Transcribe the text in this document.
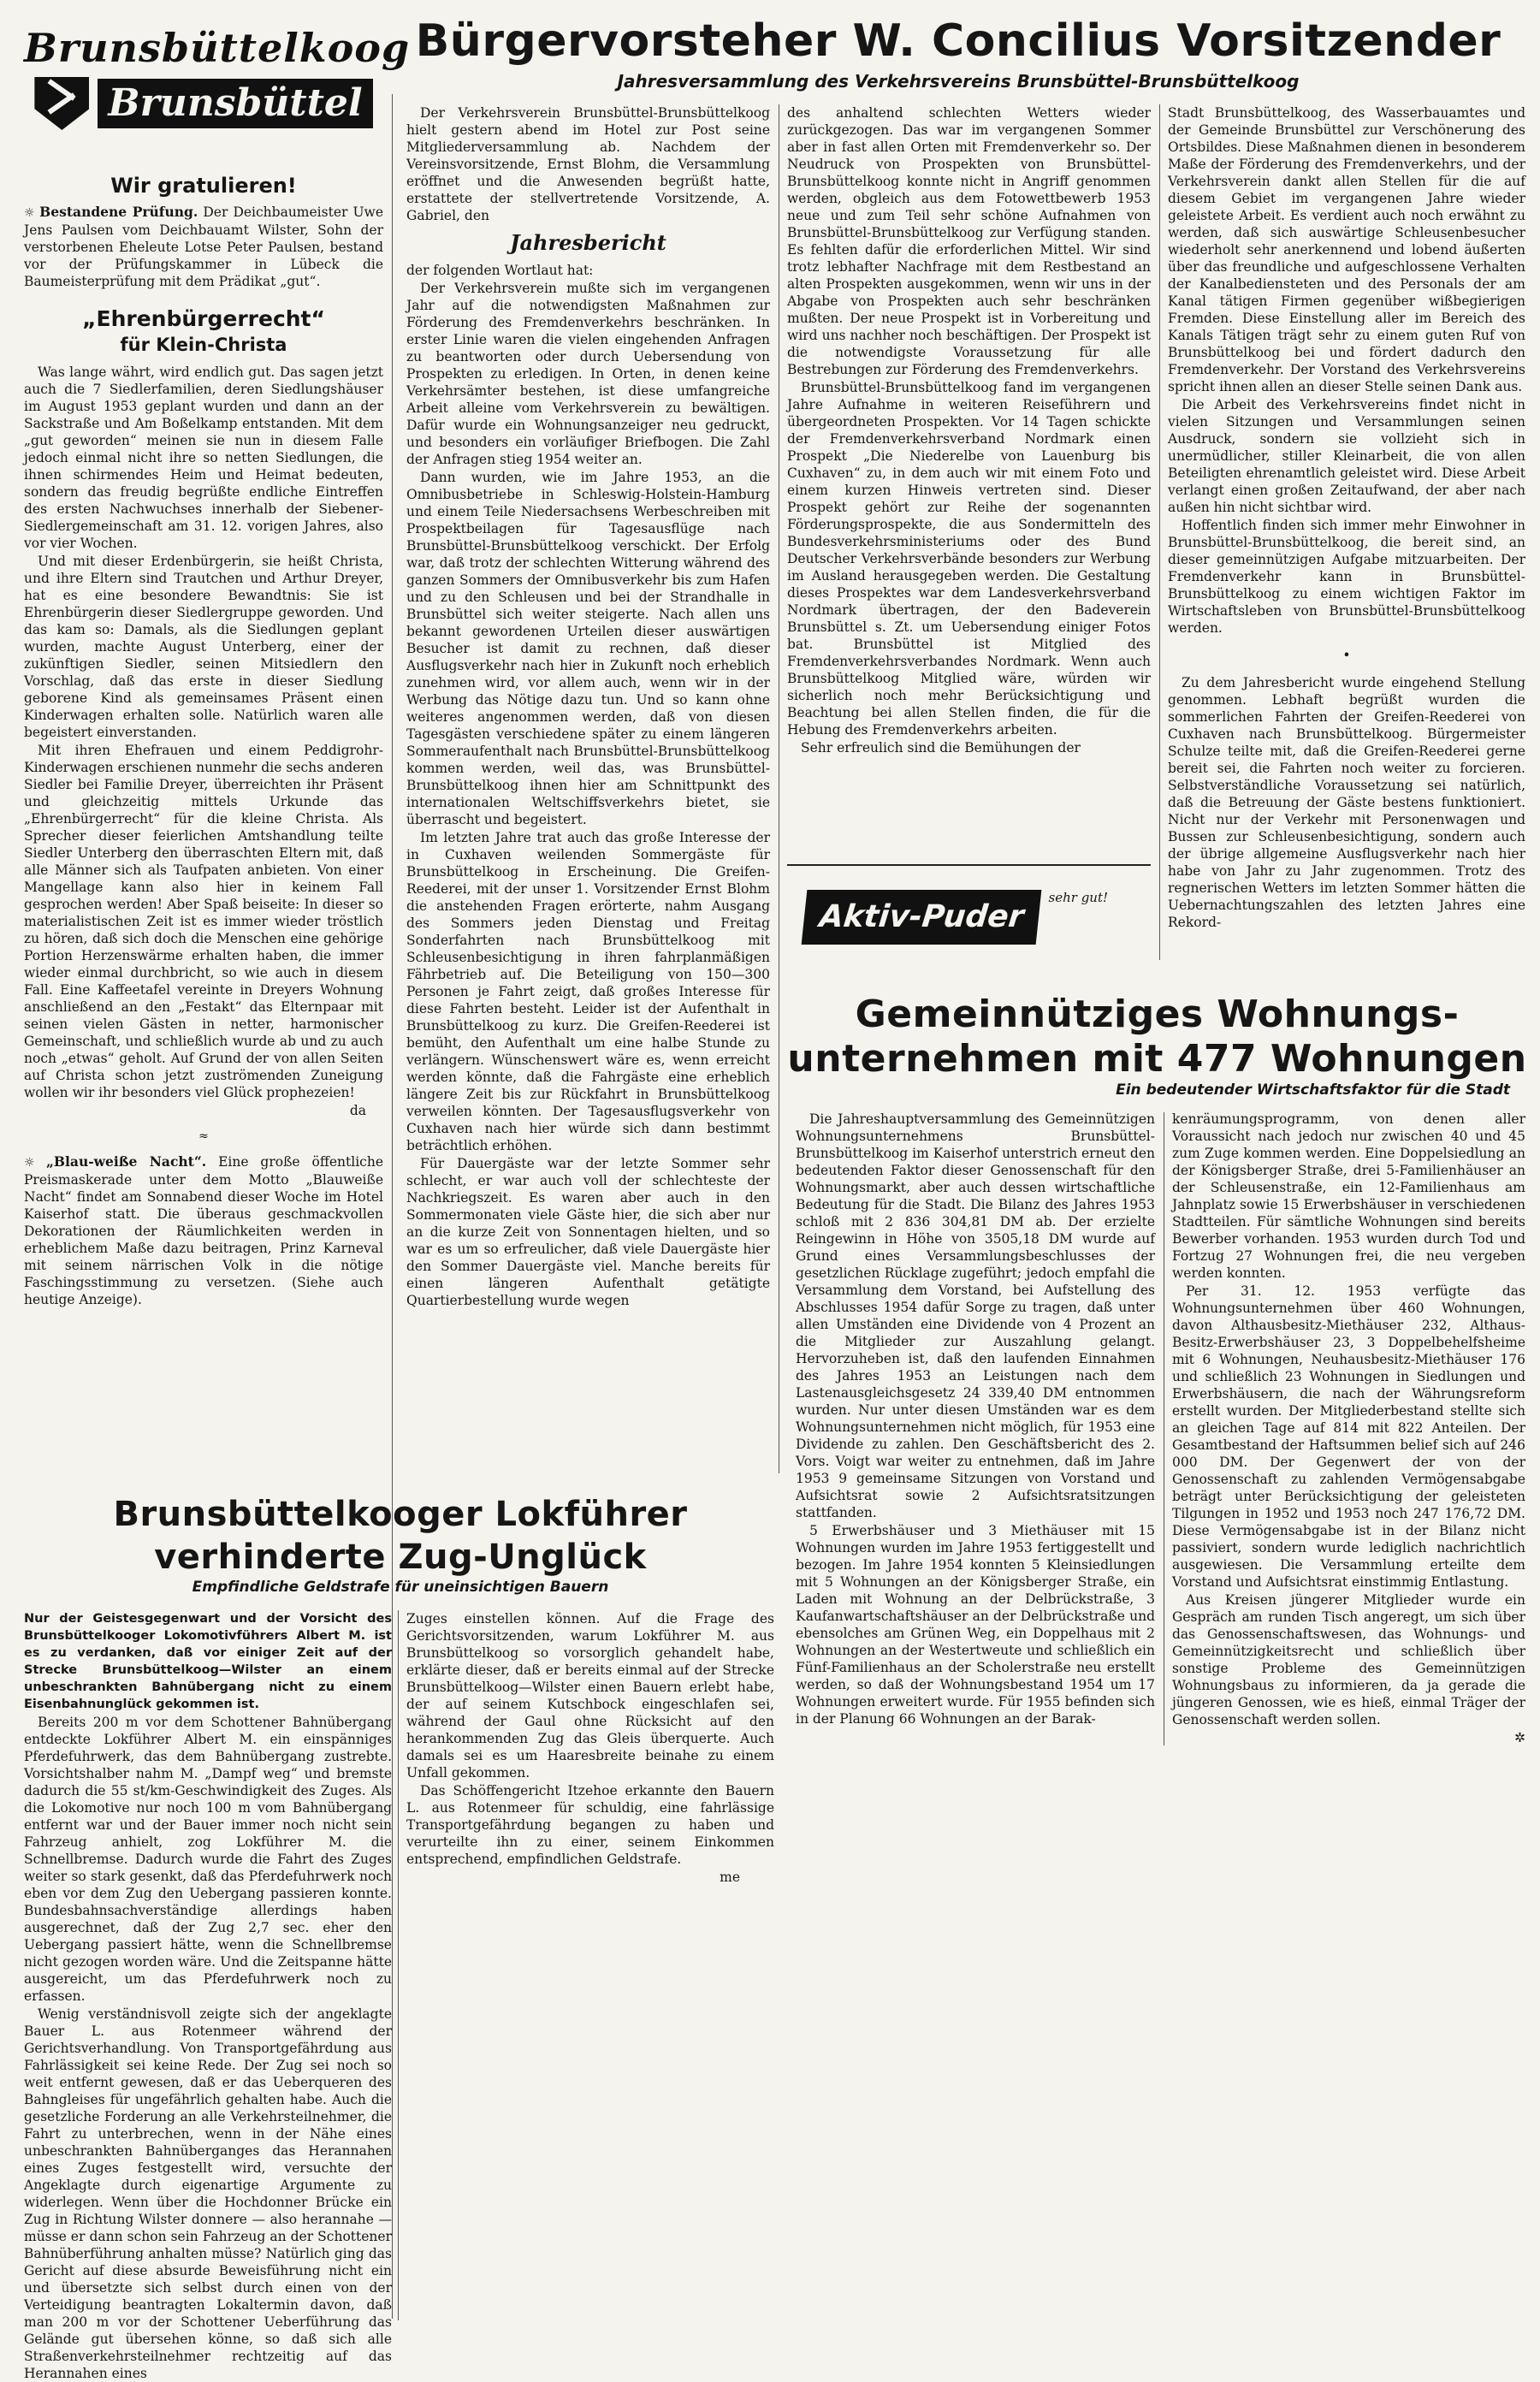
Brunsbüttelkoog
Brunsbüttel
Bürgervorsteher W. Concilius Vorsitzender
Jahresversammlung des Verkehrsvereins Brunsbüttel-Brunsbüttelkoog
Wir gratulieren!

☼ Bestandene Prüfung. Der Deichbaumeister Uwe Jens Paulsen vom Deichbauamt Wilster, Sohn der verstorbenen Eheleute Lotse Peter Paulsen, bestand vor der Prüfungskammer in Lübeck die Baumeisterprüfung mit dem Prädikat „gut“.

„Ehrenbürgerrecht“
für Klein-Christa

Was lange währt, wird endlich gut. Das sagen jetzt auch die 7 Siedlerfamilien, deren Siedlungshäuser im August 1953 geplant wurden und dann an der Sackstraße und Am Boßelkamp entstanden. Mit dem „gut geworden“ meinen sie nun in diesem Falle jedoch einmal nicht ihre so netten Siedlungen, die ihnen schirmendes Heim und Heimat bedeuten, sondern das freudig begrüßte endliche Eintreffen des ersten Nachwuchses innerhalb der Siebener-Siedlergemeinschaft am 31. 12. vorigen Jahres, also vor vier Wochen.

Und mit dieser Erdenbürgerin, sie heißt Christa, und ihre Eltern sind Trautchen und Arthur Dreyer, hat es eine besondere Bewandtnis: Sie ist Ehrenbürgerin dieser Siedlergruppe geworden. Und das kam so: Damals, als die Siedlungen geplant wurden, machte August Unterberg, einer der zukünftigen Siedler, seinen Mitsiedlern den Vorschlag, daß das erste in dieser Siedlung geborene Kind als gemeinsames Präsent einen Kinderwagen erhalten solle. Natürlich waren alle begeistert einverstanden.

Mit ihren Ehefrauen und einem Peddigrohr-Kinderwagen erschienen nunmehr die sechs anderen Siedler bei Familie Dreyer, überreichten ihr Präsent und gleichzeitig mittels Urkunde das „Ehrenbürgerrecht“ für die kleine Christa. Als Sprecher dieser feierlichen Amtshandlung teilte Siedler Unterberg den überraschten Eltern mit, daß alle Männer sich als Taufpaten anbieten. Von einer Mangellage kann also hier in keinem Fall gesprochen werden! Aber Spaß beiseite: In dieser so materialistischen Zeit ist es immer wieder tröstlich zu hören, daß sich doch die Menschen eine gehörige Portion Herzenswärme erhalten haben, die immer wieder einmal durchbricht, so wie auch in diesem Fall. Eine Kaffeetafel vereinte in Dreyers Wohnung anschließend an den „Festakt“ das Elternpaar mit seinen vielen Gästen in netter, harmonischer Gemeinschaft, und schließlich wurde ab und zu auch noch „etwas“ geholt. Auf Grund der von allen Seiten auf Christa schon jetzt zuströmenden Zuneigung wollen wir ihr besonders viel Glück prophezeien!

da
≈

☼ „Blau-weiße Nacht“. Eine große öffentliche Preismaskerade unter dem Motto „Blauweiße Nacht“ findet am Sonnabend dieser Woche im Hotel Kaiserhof statt. Die überaus geschmackvollen Dekorationen der Räumlichkeiten werden in erheblichem Maße dazu beitragen, Prinz Karneval mit seinem närrischen Volk in die nötige Faschingsstimmung zu versetzen. (Siehe auch heutige Anzeige).

Der Verkehrsverein Brunsbüttel-Brunsbüttelkoog hielt gestern abend im Hotel zur Post seine Mitgliederversammlung ab. Nachdem der Vereinsvorsitzende, Ernst Blohm, die Versammlung eröffnet und die Anwesenden begrüßt hatte, erstattete der stellvertretende Vorsitzende, A. Gabriel, den

Jahresbericht

der folgenden Wortlaut hat:

Der Verkehrsverein mußte sich im vergangenen Jahr auf die notwendigsten Maßnahmen zur Förderung des Fremdenverkehrs beschränken. In erster Linie waren die vielen eingehenden Anfragen zu beantworten oder durch Uebersendung von Prospekten zu erledigen. In Orten, in denen keine Verkehrsämter bestehen, ist diese umfangreiche Arbeit alleine vom Verkehrsverein zu bewältigen. Dafür wurde ein Wohnungsanzeiger neu gedruckt, und besonders ein vorläufiger Briefbogen. Die Zahl der Anfragen stieg 1954 weiter an.

Dann wurden, wie im Jahre 1953, an die Omnibusbetriebe in Schleswig-Holstein-Hamburg und einem Teile Niedersachsens Werbeschreiben mit Prospektbeilagen für Tagesausflüge nach Brunsbüttel-Brunsbüttelkoog verschickt. Der Erfolg war, daß trotz der schlechten Witterung während des ganzen Sommers der Omnibusverkehr bis zum Hafen und zu den Schleusen und bei der Strandhalle in Brunsbüttel sich weiter steigerte. Nach allen uns bekannt gewordenen Urteilen dieser auswärtigen Besucher ist damit zu rechnen, daß dieser Ausflugsverkehr nach hier in Zukunft noch erheblich zunehmen wird, vor allem auch, wenn wir in der Werbung das Nötige dazu tun. Und so kann ohne weiteres angenommen werden, daß von diesen Tagesgästen verschiedene später zu einem längeren Sommeraufenthalt nach Brunsbüttel-Brunsbüttelkoog kommen werden, weil das, was Brunsbüttel-Brunsbüttelkoog ihnen hier am Schnittpunkt des internationalen Weltschiffsverkehrs bietet, sie überrascht und begeistert.

Im letzten Jahre trat auch das große Interesse der in Cuxhaven weilenden Sommergäste für Brunsbüttelkoog in Erscheinung. Die Greifen-Reederei, mit der unser 1. Vorsitzender Ernst Blohm die anstehenden Fragen erörterte, nahm Ausgang des Sommers jeden Dienstag und Freitag Sonderfahrten nach Brunsbüttelkoog mit Schleusenbesichtigung in ihren fahrplanmäßigen Fährbetrieb auf. Die Beteiligung von 150—300 Personen je Fahrt zeigt, daß großes Interesse für diese Fahrten besteht. Leider ist der Aufenthalt in Brunsbüttelkoog zu kurz. Die Greifen-Reederei ist bemüht, den Aufenthalt um eine halbe Stunde zu verlängern. Wünschenswert wäre es, wenn erreicht werden könnte, daß die Fahrgäste eine erheblich längere Zeit bis zur Rückfahrt in Brunsbüttelkoog verweilen könnten. Der Tagesausflugsverkehr von Cuxhaven nach hier würde sich dann bestimmt beträchtlich erhöhen.

Für Dauergäste war der letzte Sommer sehr schlecht, er war auch voll der schlechteste der Nachkriegszeit. Es waren aber auch in den Sommermonaten viele Gäste hier, die sich aber nur an die kurze Zeit von Sonnentagen hielten, und so war es um so erfreulicher, daß viele Dauergäste hier den Sommer Dauergäste viel. Manche bereits für einen längeren Aufenthalt getätigte Quartierbestellung wurde wegen

des anhaltend schlechten Wetters wieder zurückgezogen. Das war im vergangenen Sommer aber in fast allen Orten mit Fremdenverkehr so. Der Neudruck von Prospekten von Brunsbüttel-Brunsbüttelkoog konnte nicht in Angriff genommen werden, obgleich aus dem Fotowettbewerb 1953 neue und zum Teil sehr schöne Aufnahmen von Brunsbüttel-Brunsbüttelkoog zur Verfügung standen. Es fehlten dafür die erforderlichen Mittel. Wir sind trotz lebhafter Nachfrage mit dem Restbestand an alten Prospekten ausgekommen, wenn wir uns in der Abgabe von Prospekten auch sehr beschränken mußten. Der neue Prospekt ist in Vorbereitung und wird uns nachher noch beschäftigen. Der Prospekt ist die notwendigste Voraussetzung für alle Bestrebungen zur Förderung des Fremdenverkehrs.

Brunsbüttel-Brunsbüttelkoog fand im vergangenen Jahre Aufnahme in weiteren Reiseführern und übergeordneten Prospekten. Vor 14 Tagen schickte der Fremdenverkehrsverband Nordmark einen Prospekt „Die Niederelbe von Lauenburg bis Cuxhaven“ zu, in dem auch wir mit einem Foto und einem kurzen Hinweis vertreten sind. Dieser Prospekt gehört zur Reihe der sogenannten Förderungsprospekte, die aus Sondermitteln des Bundesverkehrsministeriums oder des Bund Deutscher Verkehrsverbände besonders zur Werbung im Ausland herausgegeben werden. Die Gestaltung dieses Prospektes war dem Landesverkehrsverband Nordmark übertragen, der den Badeverein Brunsbüttel s. Zt. um Uebersendung einiger Fotos bat. Brunsbüttel ist Mitglied des Fremdenverkehrsverbandes Nordmark. Wenn auch Brunsbüttelkoog Mitglied wäre, würden wir sicherlich noch mehr Berücksichtigung und Beachtung bei allen Stellen finden, die für die Hebung des Fremdenverkehrs arbeiten.

Sehr erfreulich sind die Bemühungen der

Stadt Brunsbüttelkoog, des Wasserbauamtes und der Gemeinde Brunsbüttel zur Verschönerung des Ortsbildes. Diese Maßnahmen dienen in besonderem Maße der Förderung des Fremdenverkehrs, und der Verkehrsverein dankt allen Stellen für die auf diesem Gebiet im vergangenen Jahre wieder geleistete Arbeit. Es verdient auch noch erwähnt zu werden, daß sich auswärtige Schleusenbesucher wiederholt sehr anerkennend und lobend äußerten über das freundliche und aufgeschlossene Verhalten der Kanalbediensteten und des Personals der am Kanal tätigen Firmen gegenüber wißbegierigen Fremden. Diese Einstellung aller im Bereich des Kanals Tätigen trägt sehr zu einem guten Ruf von Brunsbüttelkoog bei und fördert dadurch den Fremdenverkehr. Der Vorstand des Verkehrsvereins spricht ihnen allen an dieser Stelle seinen Dank aus.

Die Arbeit des Verkehrsvereins findet nicht in vielen Sitzungen und Versammlungen seinen Ausdruck, sondern sie vollzieht sich in unermüdlicher, stiller Kleinarbeit, die von allen Beteiligten ehrenamtlich geleistet wird. Diese Arbeit verlangt einen großen Zeitaufwand, der aber nach außen hin nicht sichtbar wird.

Hoffentlich finden sich immer mehr Einwohner in Brunsbüttel-Brunsbüttelkoog, die bereit sind, an dieser gemeinnützigen Aufgabe mitzuarbeiten. Der Fremdenverkehr kann in Brunsbüttel-Brunsbüttelkoog zu einem wichtigen Faktor im Wirtschaftsleben von Brunsbüttel-Brunsbüttelkoog werden.

•

Zu dem Jahresbericht wurde eingehend Stellung genommen. Lebhaft begrüßt wurden die sommerlichen Fahrten der Greifen-Reederei von Cuxhaven nach Brunsbüttelkoog. Bürgermeister Schulze teilte mit, daß die Greifen-Reederei gerne bereit sei, die Fahrten noch weiter zu forcieren. Selbstverständliche Voraussetzung sei natürlich, daß die Betreuung der Gäste bestens funktioniert. Nicht nur der Verkehr mit Personenwagen und Bussen zur Schleusenbesichtigung, sondern auch der übrige allgemeine Ausflugsverkehr nach hier habe von Jahr zu Jahr zugenommen. Trotz des regnerischen Wetters im letzten Sommer hätten die Uebernachtungszahlen des letzten Jahres eine Rekord-

Aktiv-Puder sehr gut!
Gemeinnütziges Wohnungs-
unternehmen mit 477 Wohnungen
Ein bedeutender Wirtschaftsfaktor für die Stadt

Die Jahreshauptversammlung des Gemeinnützigen Wohnungsunternehmens Brunsbüttel-Brunsbüttelkoog im Kaiserhof unterstrich erneut den bedeutenden Faktor dieser Genossenschaft für den Wohnungsmarkt, aber auch dessen wirtschaftliche Bedeutung für die Stadt. Die Bilanz des Jahres 1953 schloß mit 2 836 304,81 DM ab. Der erzielte Reingewinn in Höhe von 3505,18 DM wurde auf Grund eines Versammlungsbeschlusses der gesetzlichen Rücklage zugeführt; jedoch empfahl die Versammlung dem Vorstand, bei Aufstellung des Abschlusses 1954 dafür Sorge zu tragen, daß unter allen Umständen eine Dividende von 4 Prozent an die Mitglieder zur Auszahlung gelangt. Hervorzuheben ist, daß den laufenden Einnahmen des Jahres 1953 an Leistungen nach dem Lastenausgleichsgesetz 24 339,40 DM entnommen wurden. Nur unter diesen Umständen war es dem Wohnungsunternehmen nicht möglich, für 1953 eine Dividende zu zahlen. Den Geschäftsbericht des 2. Vors. Voigt war weiter zu entnehmen, daß im Jahre 1953 9 gemeinsame Sitzungen von Vorstand und Aufsichtsrat sowie 2 Aufsichtsratsitzungen stattfanden.

5 Erwerbshäuser und 3 Miethäuser mit 15 Wohnungen wurden im Jahre 1953 fertiggestellt und bezogen. Im Jahre 1954 konnten 5 Kleinsiedlungen mit 5 Wohnungen an der Königsberger Straße, ein Laden mit Wohnung an der Delbrückstraße, 3 Kaufanwartschaftshäuser an der Delbrückstraße und ebensolches am Grünen Weg, ein Doppelhaus mit 2 Wohnungen an der Westertweute und schließlich ein Fünf-Familienhaus an der Scholerstraße neu erstellt werden, so daß der Wohnungsbestand 1954 um 17 Wohnungen erweitert wurde. Für 1955 befinden sich in der Planung 66 Wohnungen an der Barak-

kenräumungsprogramm, von denen aller Voraussicht nach jedoch nur zwischen 40 und 45 zum Zuge kommen werden. Eine Doppelsiedlung an der Königsberger Straße, drei 5-Familienhäuser an der Schleusenstraße, ein 12-Familienhaus am Jahnplatz sowie 15 Erwerbshäuser in verschiedenen Stadtteilen. Für sämtliche Wohnungen sind bereits Bewerber vorhanden. 1953 wurden durch Tod und Fortzug 27 Wohnungen frei, die neu vergeben werden konnten.

Per 31. 12. 1953 verfügte das Wohnungsunternehmen über 460 Wohnungen, davon Althausbesitz-Miethäuser 232, Althaus-Besitz-Erwerbshäuser 23, 3 Doppelbehelfsheime mit 6 Wohnungen, Neuhausbesitz-Miethäuser 176 und schließlich 23 Wohnungen in Siedlungen und Erwerbshäusern, die nach der Währungsreform erstellt wurden. Der Mitgliederbestand stellte sich an gleichen Tage auf 814 mit 822 Anteilen. Der Gesamtbestand der Haftsummen belief sich auf 246 000 DM. Der Gegenwert der von der Genossenschaft zu zahlenden Vermögensabgabe beträgt unter Berücksichtigung der geleisteten Tilgungen in 1952 und 1953 noch 247 176,72 DM. Diese Vermögensabgabe ist in der Bilanz nicht passiviert, sondern wurde lediglich nachrichtlich ausgewiesen. Die Versammlung erteilte dem Vorstand und Aufsichtsrat einstimmig Entlastung.

Aus Kreisen jüngerer Mitglieder wurde ein Gespräch am runden Tisch angeregt, um sich über das Genossenschaftswesen, das Wohnungs- und Gemeinnützigkeitsrecht und schließlich über sonstige Probleme des Gemeinnützigen Wohnungsbaus zu informieren, da ja gerade die jüngeren Genossen, wie es hieß, einmal Träger der Genossenschaft werden sollen.

✲
Brunsbüttelkooger Lokführer
verhinderte Zug-Unglück
Empfindliche Geldstrafe für uneinsichtigen Bauern

Nur der Geistesgegenwart und der Vorsicht des Brunsbüttelkooger Lokomotivführers Albert M. ist es zu verdanken, daß vor einiger Zeit auf der Strecke Brunsbüttelkoog—Wilster an einem unbeschrankten Bahnübergang nicht zu einem Eisenbahnunglück gekommen ist.

Bereits 200 m vor dem Schottener Bahnübergang entdeckte Lokführer Albert M. ein einspänniges Pferdefuhrwerk, das dem Bahnübergang zustrebte. Vorsichtshalber nahm M. „Dampf weg“ und bremste dadurch die 55 st/km-Geschwindigkeit des Zuges. Als die Lokomotive nur noch 100 m vom Bahnübergang entfernt war und der Bauer immer noch nicht sein Fahrzeug anhielt, zog Lokführer M. die Schnellbremse. Dadurch wurde die Fahrt des Zuges weiter so stark gesenkt, daß das Pferdefuhrwerk noch eben vor dem Zug den Uebergang passieren konnte. Bundesbahnsachverständige allerdings haben ausgerechnet, daß der Zug 2,7 sec. eher den Uebergang passiert hätte, wenn die Schnellbremse nicht gezogen worden wäre. Und die Zeitspanne hätte ausgereicht, um das Pferdefuhrwerk noch zu erfassen.

Wenig verständnisvoll zeigte sich der angeklagte Bauer L. aus Rotenmeer während der Gerichtsverhandlung. Von Transportgefährdung aus Fahrlässigkeit sei keine Rede. Der Zug sei noch so weit entfernt gewesen, daß er das Ueberqueren des Bahngleises für ungefährlich gehalten habe. Auch die gesetzliche Forderung an alle Verkehrsteilnehmer, die Fahrt zu unterbrechen, wenn in der Nähe eines unbeschrankten Bahnüberganges das Herannahen eines Zuges festgestellt wird, versuchte der Angeklagte durch eigenartige Argumente zu widerlegen. Wenn über die Hochdonner Brücke ein Zug in Richtung Wilster donnere — also herannahe — müsse er dann schon sein Fahrzeug an der Schottener Bahnüberführung anhalten müsse? Natürlich ging das Gericht auf diese absurde Beweisführung nicht ein und übersetzte sich selbst durch einen von der Verteidigung beantragten Lokaltermin davon, daß man 200 m vor der Schottener Ueberführung das Gelände gut übersehen könne, so daß sich alle Straßenverkehrsteilnehmer rechtzeitig auf das Herannahen eines

Zuges einstellen können. Auf die Frage des Gerichtsvorsitzenden, warum Lokführer M. aus Brunsbüttelkoog so vorsorglich gehandelt habe, erklärte dieser, daß er bereits einmal auf der Strecke Brunsbüttelkoog—Wilster einen Bauern erlebt habe, der auf seinem Kutschbock eingeschlafen sei, während der Gaul ohne Rücksicht auf den herankommenden Zug das Gleis überquerte. Auch damals sei es um Haaresbreite beinahe zu einem Unfall gekommen.

Das Schöffengericht Itzehoe erkannte den Bauern L. aus Rotenmeer für schuldig, eine fahrlässige Transportgefährdung begangen zu haben und verurteilte ihn zu einer, seinem Einkommen entsprechend, empfindlichen Geldstrafe.

me
